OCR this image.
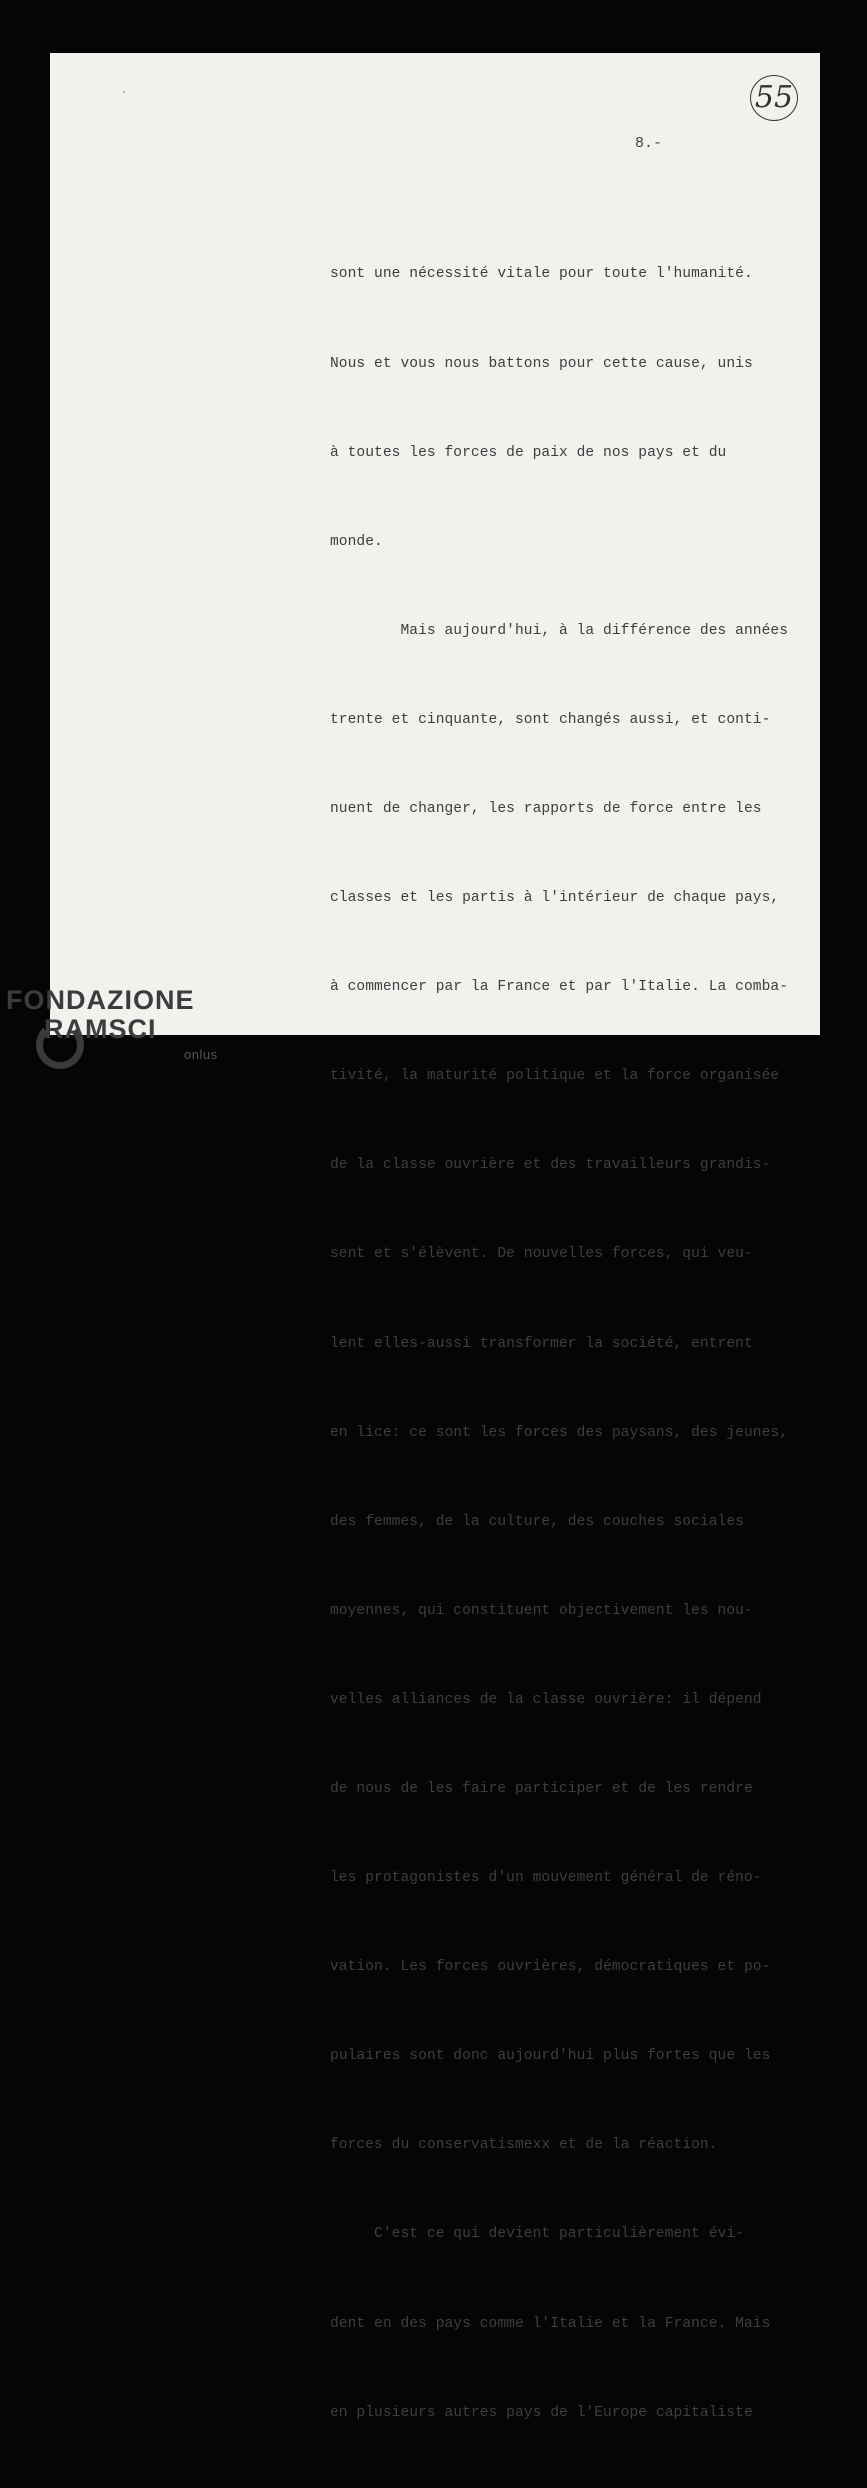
55
8.-

sont une nécessité vitale pour toute l'humanité.

Nous et vous nous battons pour cette cause, unis

à toutes les forces de paix de nos pays et du

monde.

Mais aujourd'hui, à la différence des années

trente et cinquante, sont changés aussi, et conti-

nuent de changer, les rapports de force entre les

classes et les partis à l'intérieur de chaque pays,

à commencer par la France et par l'Italie. La comba-

tivité, la maturité politique et la force organisée

de la classe ouvrière et des travailleurs grandis-

sent et s'élèvent. De nouvelles forces, qui veu-

lent elles-aussi transformer la société, entrent

en lice: ce sont les forces des paysans, des jeunes,

des femmes, de la culture, des couches sociales

moyennes, qui constituent objectivement les nou-

velles alliances de la classe ouvrière: il dépend

de nous de les faire participer et de les rendre

les protagonistes d'un mouvement général de réno-

vation. Les forces ouvrières, démocratiques et po-

pulaires sont donc aujourd'hui plus fortes que les

forces du conservatismexx et de la réaction.

C'est ce qui devient particulièrement évi-

dent en des pays comme l'Italie et la France. Mais

en plusieurs autres pays de l'Europe capitaliste

FONDAZIONE
RAMSCI
onlus
